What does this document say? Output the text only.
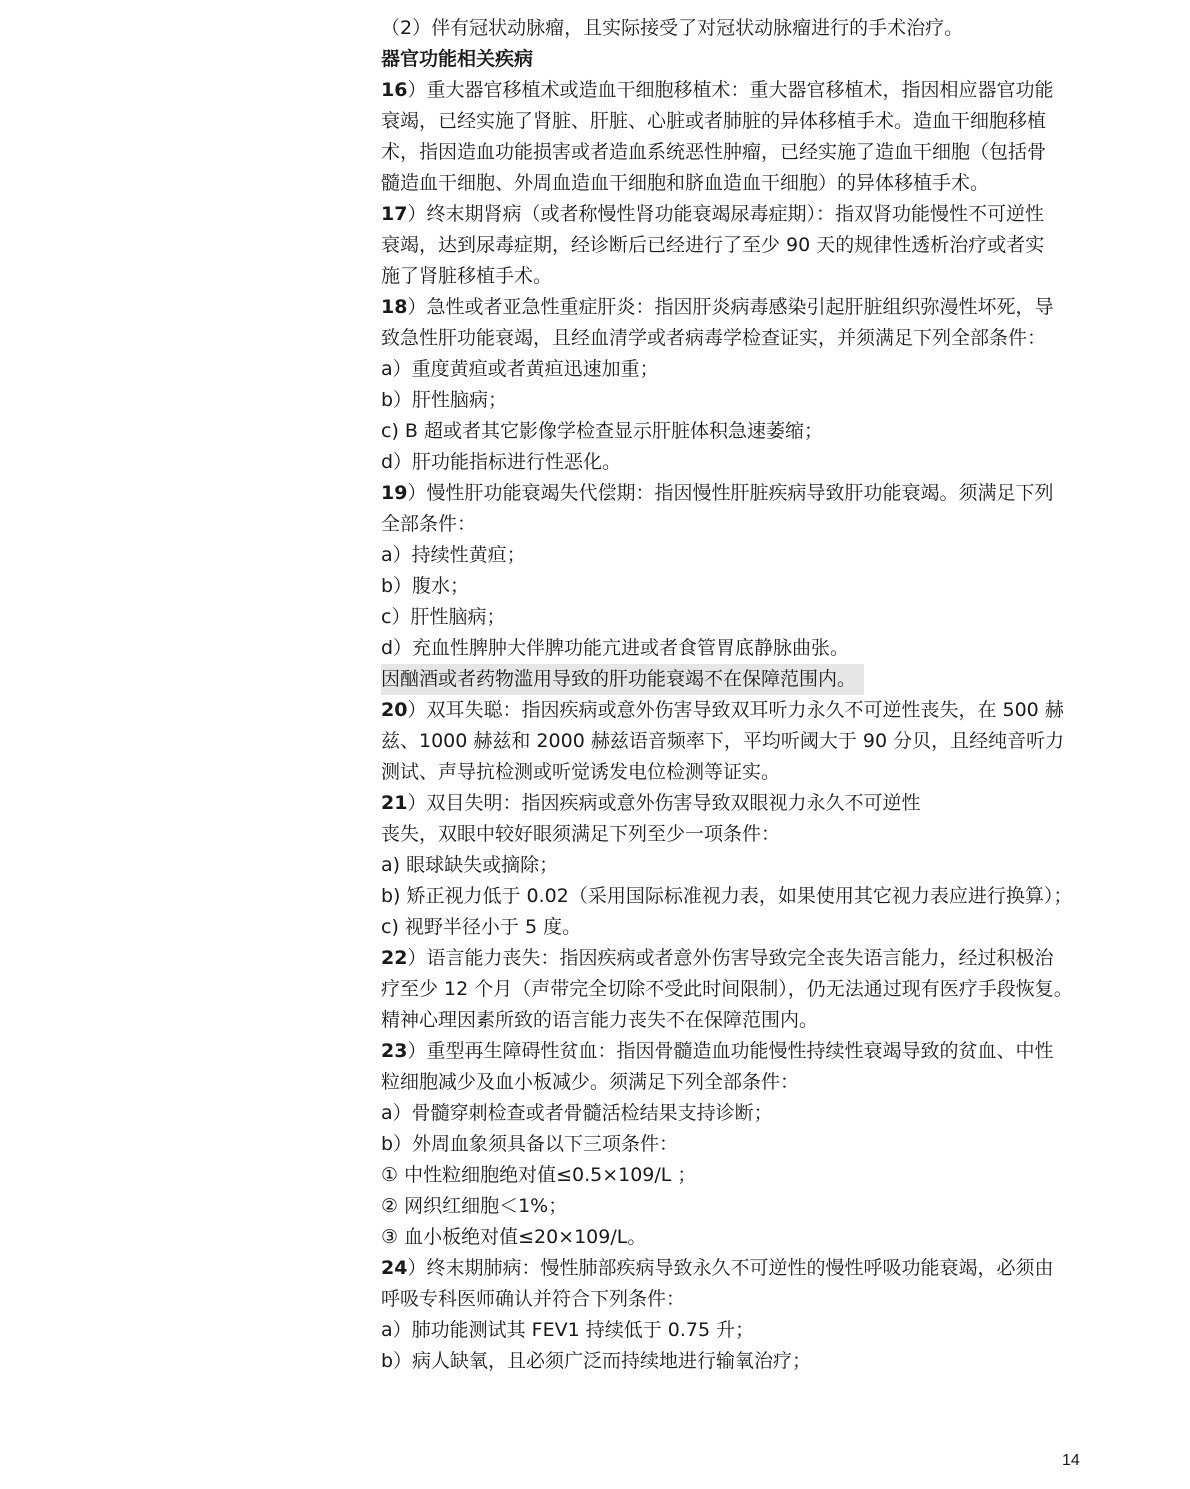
（2）伴有冠状动脉瘤，且实际接受了对冠状动脉瘤进行的手术治疗。
器官功能相关疾病
16）重大器官移植术或造血干细胞移植术：重大器官移植术，指因相应器官功能
衰竭，已经实施了肾脏、肝脏、心脏或者肺脏的异体移植手术。造血干细胞移植
术，指因造血功能损害或者造血系统恶性肿瘤，已经实施了造血干细胞（包括骨
髓造血干细胞、外周血造血干细胞和脐血造血干细胞）的异体移植手术。
17）终末期肾病（或者称慢性肾功能衰竭尿毒症期）：指双肾功能慢性不可逆性
衰竭，达到尿毒症期，经诊断后已经进行了至少 90 天的规律性透析治疗或者实
施了肾脏移植手术。
18）急性或者亚急性重症肝炎：指因肝炎病毒感染引起肝脏组织弥漫性坏死，导
致急性肝功能衰竭，且经血清学或者病毒学检查证实，并须满足下列全部条件：
a）重度黄疸或者黄疸迅速加重；
b）肝性脑病；
c) B 超或者其它影像学检查显示肝脏体积急速萎缩；
d）肝功能指标进行性恶化。
19）慢性肝功能衰竭失代偿期：指因慢性肝脏疾病导致肝功能衰竭。须满足下列
全部条件：
a）持续性黄疸；
b）腹水；
c）肝性脑病；
d）充血性脾肿大伴脾功能亢进或者食管胃底静脉曲张。
因酗酒或者药物滥用导致的肝功能衰竭不在保障范围内。
20）双耳失聪：指因疾病或意外伤害导致双耳听力永久不可逆性丧失，在 500 赫
兹、1000 赫兹和 2000 赫兹语音频率下，平均听阈大于 90 分贝，且经纯音听力
测试、声导抗检测或听觉诱发电位检测等证实。
21）双目失明：指因疾病或意外伤害导致双眼视力永久不可逆性
丧失，双眼中较好眼须满足下列至少一项条件：
a) 眼球缺失或摘除；
b) 矫正视力低于 0.02（采用国际标准视力表，如果使用其它视力表应进行换算）；
c) 视野半径小于 5 度。
22）语言能力丧失：指因疾病或者意外伤害导致完全丧失语言能力，经过积极治
疗至少 12 个月（声带完全切除不受此时间限制），仍无法通过现有医疗手段恢复。
精神心理因素所致的语言能力丧失不在保障范围内。
23）重型再生障碍性贫血：指因骨髓造血功能慢性持续性衰竭导致的贫血、中性
粒细胞减少及血小板减少。须满足下列全部条件：
a）骨髓穿刺检查或者骨髓活检结果支持诊断；
b）外周血象须具备以下三项条件：
① 中性粒细胞绝对值≤0.5×109/L ；
② 网织红细胞＜1%；
③ 血小板绝对值≤20×109/L。
24）终末期肺病：慢性肺部疾病导致永久不可逆性的慢性呼吸功能衰竭，必须由
呼吸专科医师确认并符合下列条件：
a）肺功能测试其 FEV1 持续低于 0.75 升；
b）病人缺氧，且必须广泛而持续地进行输氧治疗；
14
